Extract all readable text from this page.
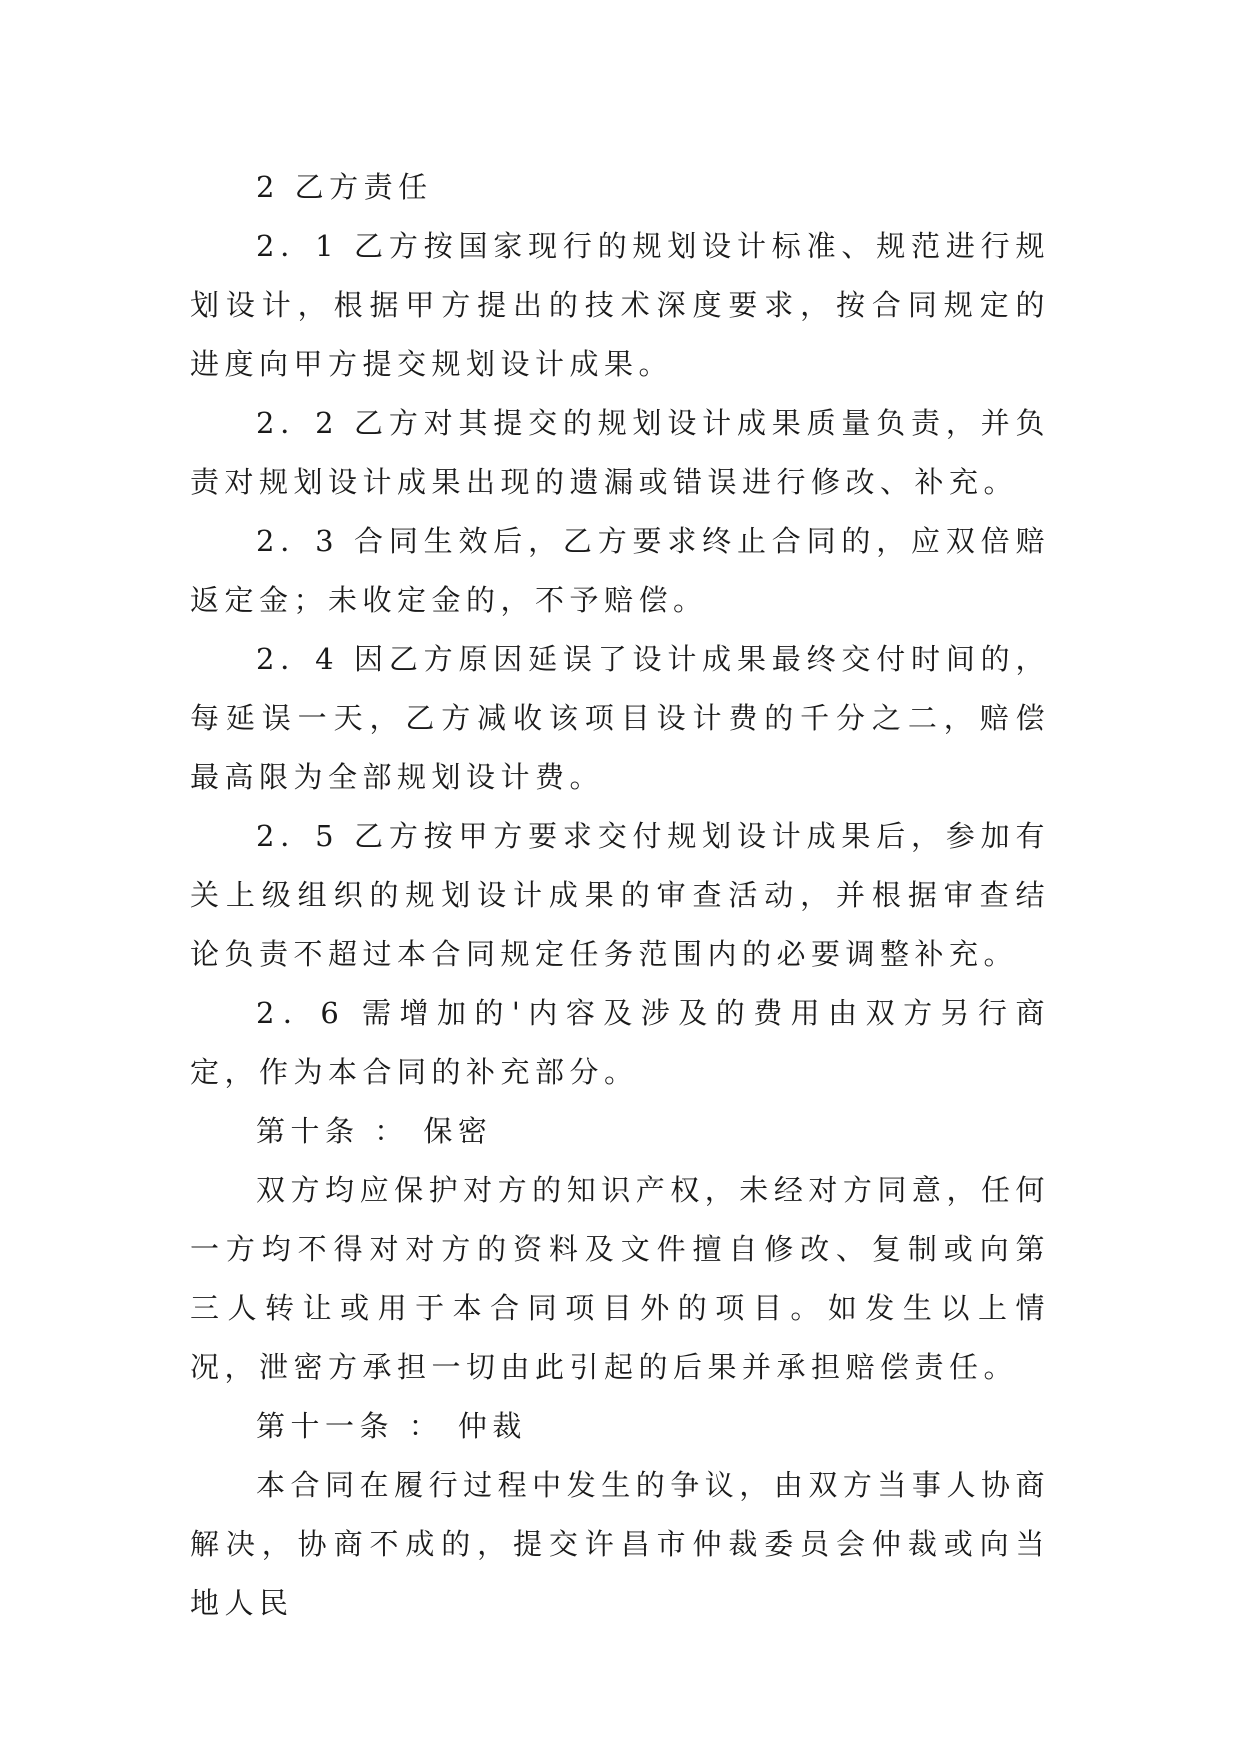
2 乙方责任

2．1 乙方按国家现行的规划设计标准、规范进行规划设计，根据甲方提出的技术深度要求，按合同规定的进度向甲方提交规划设计成果。

2．2 乙方对其提交的规划设计成果质量负责，并负责对规划设计成果出现的遗漏或错误进行修改、补充。

2．3 合同生效后，乙方要求终止合同的，应双倍赔返定金；未收定金的，不予赔偿。

2．4 因乙方原因延误了设计成果最终交付时间的，每延误一天，乙方减收该项目设计费的千分之二，赔偿最高限为全部规划设计费。

2．5 乙方按甲方要求交付规划设计成果后，参加有关上级组织的规划设计成果的审查活动，并根据审查结论负责不超过本合同规定任务范围内的必要调整补充。

2．6 需增加的'内容及涉及的费用由双方另行商定，作为本合同的补充部分。

第十条 ： 保密

双方均应保护对方的知识产权，未经对方同意，任何一方均不得对对方的资料及文件擅自修改、复制或向第三人转让或用于本合同项目外的项目。如发生以上情况，泄密方承担一切由此引起的后果并承担赔偿责任。

第十一条 ： 仲裁

本合同在履行过程中发生的争议，由双方当事人协商解决，协商不成的，提交许昌市仲裁委员会仲裁或向当地人民
